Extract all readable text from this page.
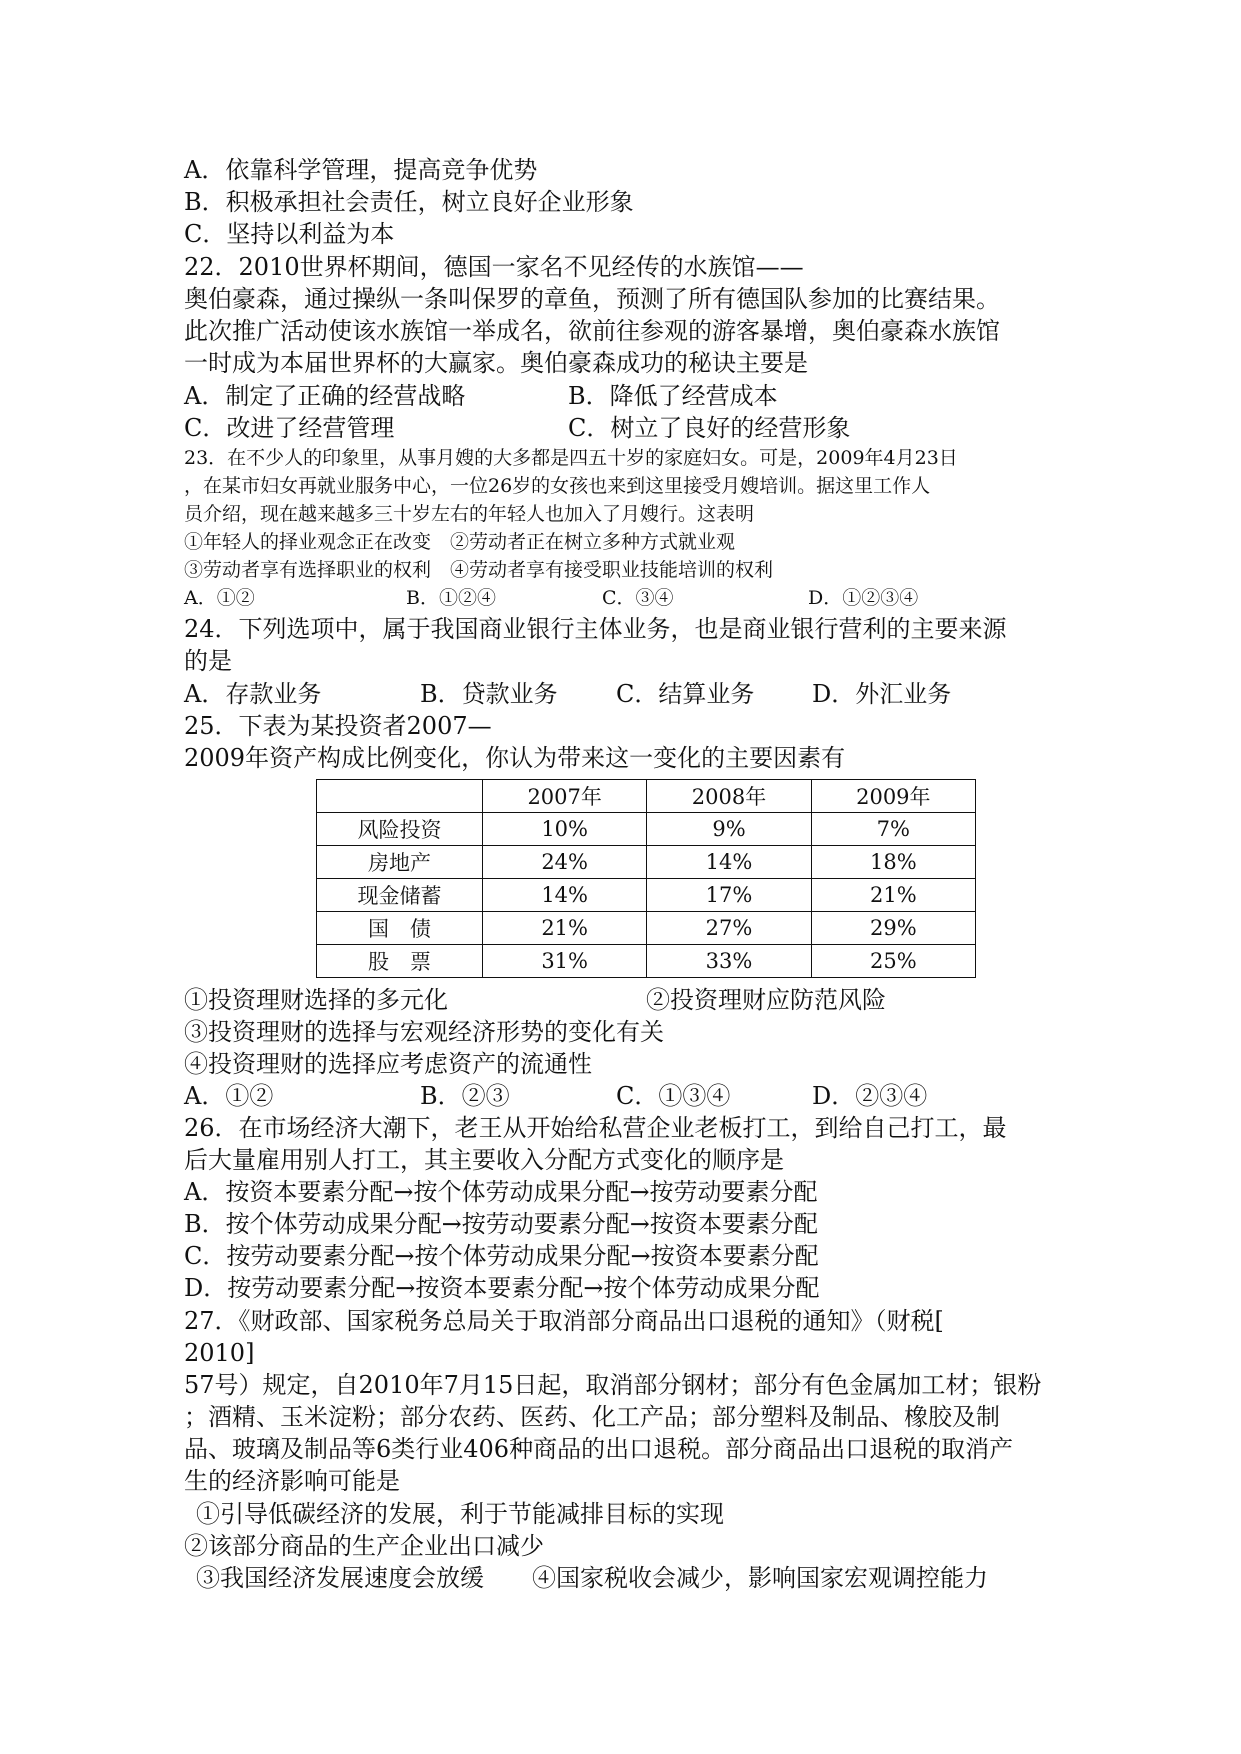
A．依靠科学管理，提高竞争优势
B．积极承担社会责任，树立良好企业形象
C．坚持以利益为本
22．2010世界杯期间，德国一家名不见经传的水族馆——
奥伯豪森，通过操纵一条叫保罗的章鱼，预测了所有德国队参加的比赛结果。
此次推广活动使该水族馆一举成名，欲前往参观的游客暴增，奥伯豪森水族馆
一时成为本届世界杯的大赢家。奥伯豪森成功的秘诀主要是
A．制定了正确的经营战略	B．降低了经营成本
C．改进了经营管理	C．树立了良好的经营形象
23．在不少人的印象里，从事月嫂的大多都是四五十岁的家庭妇女。可是，2009年4月23日
，在某市妇女再就业服务中心，一位26岁的女孩也来到这里接受月嫂培训。据这里工作人
员介绍，现在越来越多三十岁左右的年轻人也加入了月嫂行。这表明
①年轻人的择业观念正在改变　②劳动者正在树立多种方式就业观
③劳动者享有选择职业的权利　④劳动者享有接受职业技能培训的权利
A．①②	B．①②④	C．③④	D．①②③④
24．下列选项中，属于我国商业银行主体业务，也是商业银行营利的主要来源
的是
A．存款业务	B．贷款业务 C．结算业务 D．外汇业务
25．下表为某投资者2007—
2009年资产构成比例变化，你认为带来这一变化的主要因素有
	2007年	2008年	2009年
风险投资	10%	9%	7%
房地产	24%	14%	18%
现金储蓄	14%	17%	21%
国　债	21%	27%	29%
股　票	31%	33%	25%
①投资理财选择的多元化	②投资理财应防范风险
③投资理财的选择与宏观经济形势的变化有关
④投资理财的选择应考虑资产的流通性
A．①②	B．②③	C．①③④	D．②③④
26．在市场经济大潮下，老王从开始给私营企业老板打工，到给自己打工，最
后大量雇用别人打工，其主要收入分配方式变化的顺序是
A．按资本要素分配→按个体劳动成果分配→按劳动要素分配
B．按个体劳动成果分配→按劳动要素分配→按资本要素分配
C．按劳动要素分配→按个体劳动成果分配→按资本要素分配
D．按劳动要素分配→按资本要素分配→按个体劳动成果分配
27．《财政部、国家税务总局关于取消部分商品出口退税的通知》（财税[
2010]
57号）规定，自2010年7月15日起，取消部分钢材；部分有色金属加工材；银粉
；酒精、玉米淀粉；部分农药、医药、化工产品；部分塑料及制品、橡胶及制
品、玻璃及制品等6类行业406种商品的出口退税。部分商品出口退税的取消产
生的经济影响可能是
①引导低碳经济的发展，利于节能减排目标的实现
②该部分商品的生产企业出口减少
③我国经济发展速度会放缓　　④国家税收会减少，影响国家宏观调控能力
